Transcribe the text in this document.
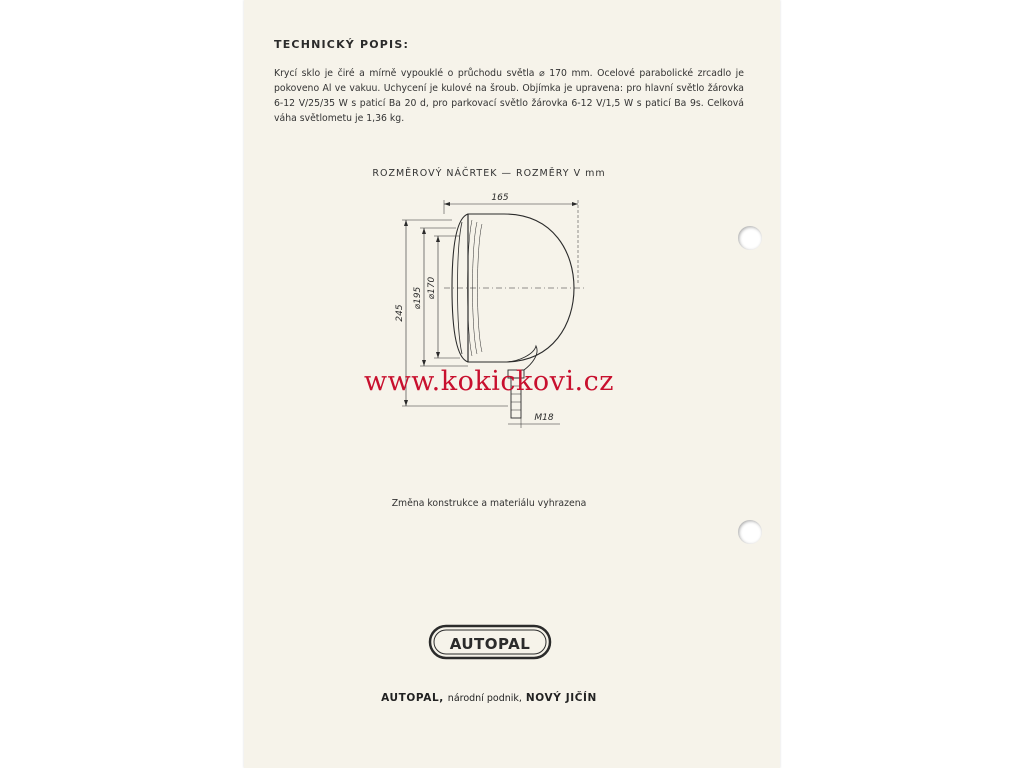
TECHNICKÝ POPIS:

Krycí sklo je čiré a mírně vypouklé o průchodu světla ⌀ 170 mm. Ocelové parabolické zrcadlo je pokoveno Al ve vakuu. Uchycení je kulové na šroub. Objímka je upravena: pro hlavní světlo žárovka 6-12 V/25/35 W s paticí Ba 20 d, pro parkovací světlo žárovka 6-12 V/1,5 W s paticí Ba 9s. Celková váha světlometu je 1,36 kg.

ROZMĚROVÝ NÁČRTEK — ROZMĚRY V mm
165
245
⌀195 ⌀170
M18
www.kokickovi.cz
Změna konstrukce a materiálu vyhrazena
AUTOPAL
AUTOPAL, národní podnik, NOVÝ JIČÍN
